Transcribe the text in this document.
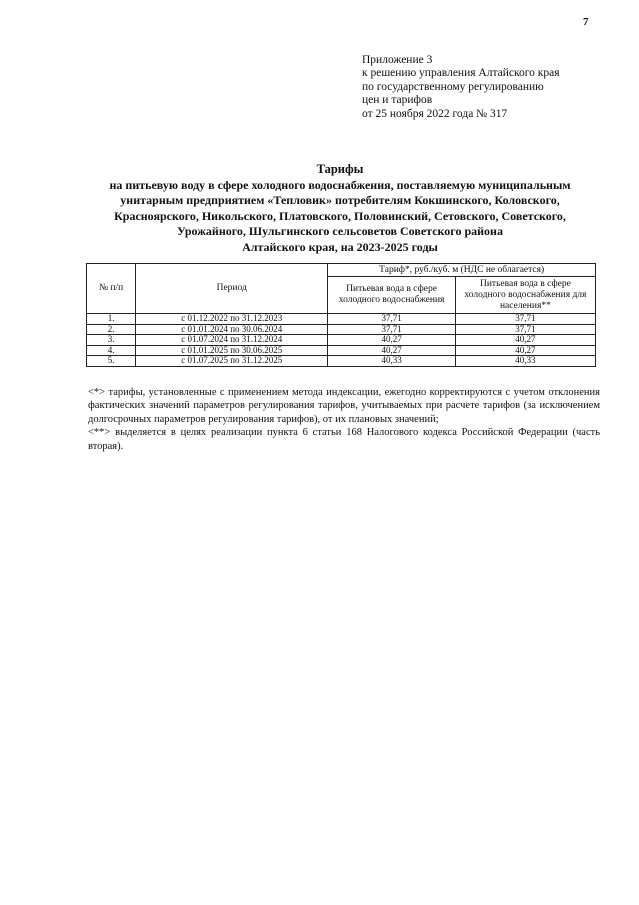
7
Приложение 3
к решению управления Алтайского края
по государственному регулированию
цен и тарифов
от 25 ноября 2022 года № 317
Тарифы
на питьевую воду в сфере холодного водоснабжения, поставляемую муниципальным
унитарным предприятием «Тепловик» потребителям Кокшинского, Коловского,
Красноярского, Никольского, Платовского, Половинский, Сетовского, Советского,
Урожайного, Шульгинского сельсоветов Советского района
Алтайского края, на 2023-2025 годы
№ п/п	Период	Тариф*, руб./куб. м (НДС не облагается)	
		Питьевая вода в сфере холодного водоснабжения	Питьевая вода в сфере холодного водоснабжения для населения**
1.	с 01.12.2022 по 31.12.2023	37,71	37,71
2.	с 01.01.2024 по 30.06.2024	37,71	37,71
3.	с 01.07.2024 по 31.12.2024	40,27	40,27
4.	с 01.01.2025 по 30.06.2025	40,27	40,27
5.	с 01.07.2025 по 31.12.2025	40,33	40,33

<*> тарифы, установленные с применением метода индексации, ежегодно корректируются с учетом отклонения фактических значений параметров регулирования тарифов, учитываемых при расчете тарифов (за исключением долгосрочных параметров регулирования тарифов), от их плановых значений;

<**> выделяется в целях реализации пункта 6 статьи 168 Налогового кодекса Российской Федерации (часть вторая).
